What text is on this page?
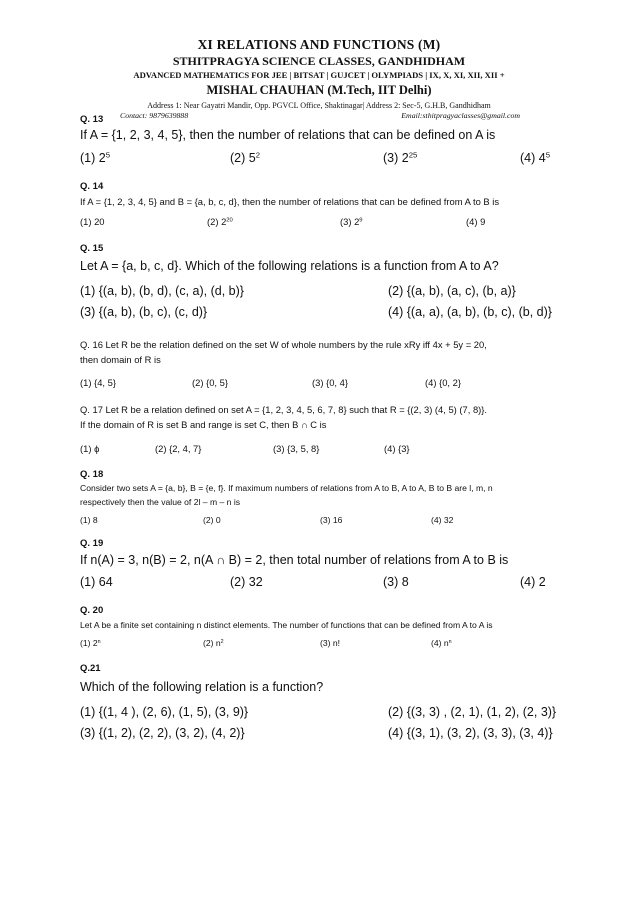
XI RELATIONS AND FUNCTIONS (M)
STHITPRAGYA SCIENCE CLASSES, GANDHIDHAM
ADVANCED MATHEMATICS FOR JEE | BITSAT | GUJCET | OLYMPIADS | IX, X, XI, XII, XII +
MISHAL CHAUHAN (M.Tech, IIT Delhi)
Address 1: Near Gayatri Mandir, Opp. PGVCL Office, Shaktinagar| Address 2: Sec-5, G.H.B, Gandhidham
Contact: 9879639888	Email:sthitpragyaclasses@gmail.com
Q. 13
If A = {1, 2, 3, 4, 5}, then the number of relations that can be defined on A is
(1) $2^5$	(2) $5^2$	(3) $2^{25}$	(4) $4^5$
Q. 14
If A = {1, 2, 3, 4, 5} and B = {a, b, c, d}, then the number of relations that can be defined from A to B is
(1) 20	(2) $2^{20}$	(3) $2^9$	(4) 9
Q. 15
Let A = {a, b, c, d}. Which of the following relations is a function from A to A?
(1) {(a, b), (b, d), (c, a), (d, b)}	(2) {(a, b), (a, c), (b, a)}
(3) {(a, b), (b, c), (c, d)}	(4) {(a, a), (a, b), (b, c), (b, d)}
Q. 16 Let R be the relation defined on the set W of whole numbers by the rule xRy iff 4x + 5y = 20,
then domain of R is
(1) {4, 5}	(2) {0, 5}	(3) {0, 4}	(4) {0, 2}
Q. 17 Let R be a relation defined on set A = {1, 2, 3, 4, 5, 6, 7, 8} such that R = {(2, 3) (4, 5) (7, 8)}.
If the domain of R is set B and range is set C, then B ∩ C is
(1) ϕ	(2) {2, 4, 7}	(3) {3, 5, 8}	(4) {3}
Q. 18
Consider two sets A = {a, b}, B = {e, f}. If maximum numbers of relations from A to B, A to A, B to B are l, m, n
respectively then the value of 2l – m – n is
(1) 8	(2) 0	(3) 16	(4) 32
Q. 19
If n(A) = 3, n(B) = 2, n(A ∩ B) = 2, then total number of relations from A to B is
(1) 64	(2) 32	(3) 8	(4) 2
Q. 20
Let A be a finite set containing n distinct elements. The number of functions that can be defined from A to A is
(1) 2$^n$	(2) $n^2$	(3) n!	(4) $n^n$
Q.21
Which of the following relation is a function?
(1) {(1, 4 ), (2, 6), (1, 5), (3, 9)}	(2) {(3, 3) , (2, 1), (1, 2), (2, 3)}
(3) {(1, 2), (2, 2), (3, 2), (4, 2)}	(4) {(3, 1), (3, 2), (3, 3), (3, 4)}
